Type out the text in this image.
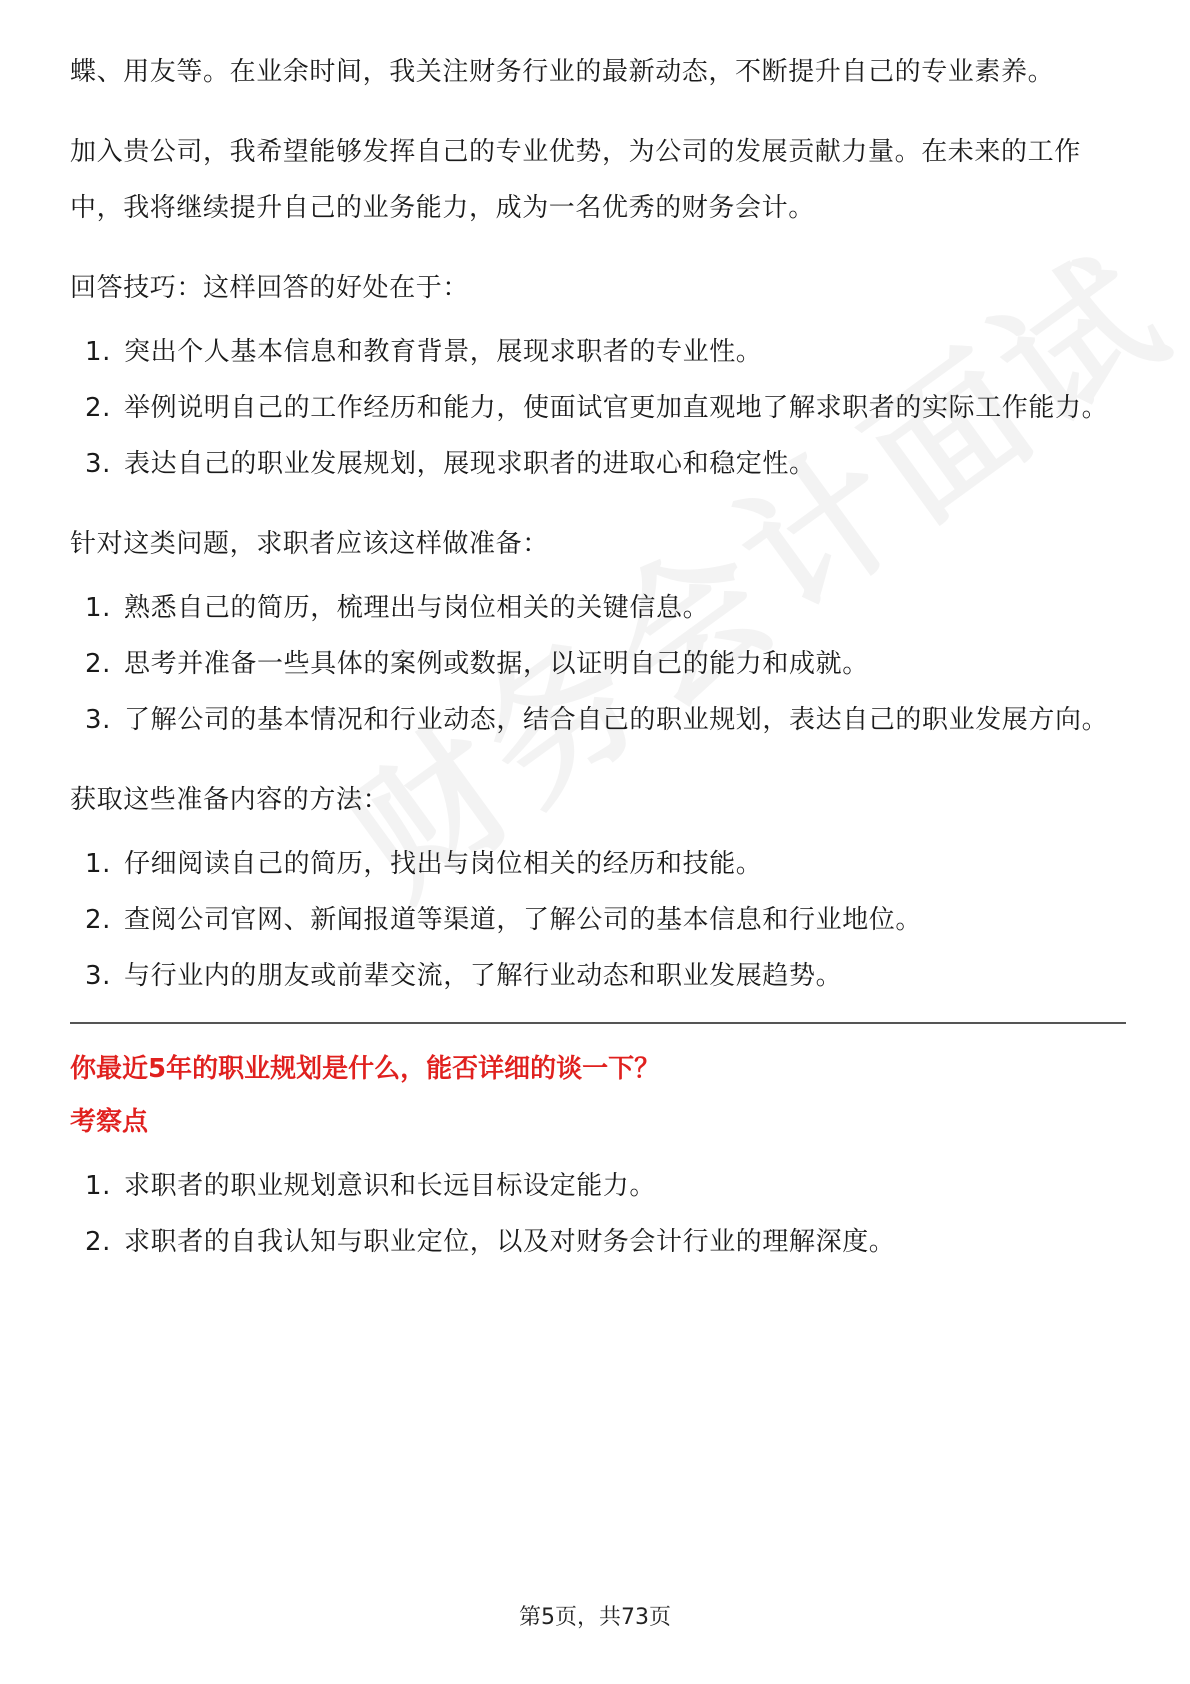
蝶、用友等。在业余时间，我关注财务行业的最新动态，不断提升自己的专业素养。

加入贵公司，我希望能够发挥自己的专业优势，为公司的发展贡献力量。在未来的工作中，我将继续提升自己的业务能力，成为一名优秀的财务会计。

回答技巧：这样回答的好处在于：

1. 突出个人基本信息和教育背景，展现求职者的专业性。
2. 举例说明自己的工作经历和能力，使面试官更加直观地了解求职者的实际工作能力。
3. 表达自己的职业发展规划，展现求职者的进取心和稳定性。

针对这类问题，求职者应该这样做准备：

1. 熟悉自己的简历，梳理出与岗位相关的关键信息。
2. 思考并准备一些具体的案例或数据，以证明自己的能力和成就。
3. 了解公司的基本情况和行业动态，结合自己的职业规划，表达自己的职业发展方向。

获取这些准备内容的方法：

1. 仔细阅读自己的简历，找出与岗位相关的经历和技能。
2. 查阅公司官网、新闻报道等渠道，了解公司的基本信息和行业地位。
3. 与行业内的朋友或前辈交流，了解行业动态和职业发展趋势。

你最近5年的职业规划是什么，能否详细的谈一下？

考察点

1. 求职者的职业规划意识和长远目标设定能力。
2. 求职者的自我认知与职业定位，以及对财务会计行业的理解深度。
第5页，共73页
